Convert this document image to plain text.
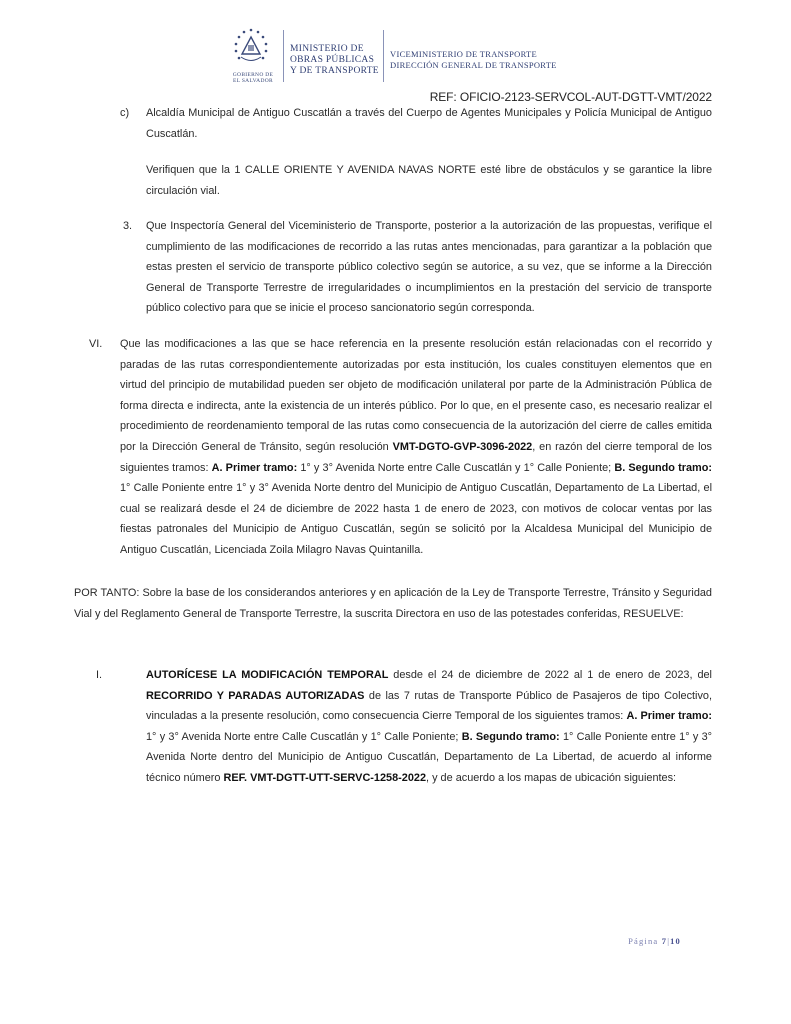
GOBIERNO DE
EL SALVADOR
MINISTERIO DE
OBRAS PÚBLICAS
Y DE TRANSPORTE
VICEMINISTERIO DE TRANSPORTE
DIRECCIÓN GENERAL DE TRANSPORTE
REF: OFICIO-2123-SERVCOL-AUT-DGTT-VMT/2022
c) Alcaldía Municipal de Antiguo Cuscatlán a través del Cuerpo de Agentes Municipales y Policía Municipal de Antiguo Cuscatlán.
Verifiquen que la 1 CALLE ORIENTE Y AVENIDA NAVAS NORTE esté libre de obstáculos y se garantice la libre circulación vial.
3. Que Inspectoría General del Viceministerio de Transporte, posterior a la autorización de las propuestas, verifique el cumplimiento de las modificaciones de recorrido a las rutas antes mencionadas, para garantizar a la población que estas presten el servicio de transporte público colectivo según se autorice, a su vez, que se informe a la Dirección General de Transporte Terrestre de irregularidades o incumplimientos en la prestación del servicio de transporte público colectivo para que se inicie el proceso sancionatorio según corresponda.
VI. Que las modificaciones a las que se hace referencia en la presente resolución están relacionadas con el recorrido y paradas de las rutas correspondientemente autorizadas por esta institución, los cuales constituyen elementos que en virtud del principio de mutabilidad pueden ser objeto de modificación unilateral por parte de la Administración Pública de forma directa e indirecta, ante la existencia de un interés público. Por lo que, en el presente caso, es necesario realizar el procedimiento de reordenamiento temporal de las rutas como consecuencia de la autorización del cierre de calles emitida por la Dirección General de Tránsito, según resolución VMT-DGTO-GVP-3096-2022, en razón del cierre temporal de los siguientes tramos: A. Primer tramo: 1° y 3° Avenida Norte entre Calle Cuscatlán y 1° Calle Poniente; B. Segundo tramo: 1° Calle Poniente entre 1° y 3° Avenida Norte dentro del Municipio de Antiguo Cuscatlán, Departamento de La Libertad, el cual se realizará desde el 24 de diciembre de 2022 hasta 1 de enero de 2023, con motivos de colocar ventas por las fiestas patronales del Municipio de Antiguo Cuscatlán, según se solicitó por la Alcaldesa Municipal del Municipio de Antiguo Cuscatlán, Licenciada Zoila Milagro Navas Quintanilla.
POR TANTO: Sobre la base de los considerandos anteriores y en aplicación de la Ley de Transporte Terrestre, Tránsito y Seguridad Vial y del Reglamento General de Transporte Terrestre, la suscrita Directora en uso de las potestades conferidas, RESUELVE:
I.	AUTORÍCESE LA MODIFICACIÓN TEMPORAL desde el 24 de diciembre de 2022 al 1 de enero de 2023, del RECORRIDO Y PARADAS AUTORIZADAS de las 7 rutas de Transporte Público de Pasajeros de tipo Colectivo, vinculadas a la presente resolución, como consecuencia Cierre Temporal de los siguientes tramos: A. Primer tramo: 1° y 3° Avenida Norte entre Calle Cuscatlán y 1° Calle Poniente; B. Segundo tramo: 1° Calle Poniente entre 1° y 3° Avenida Norte dentro del Municipio de Antiguo Cuscatlán, Departamento de La Libertad, de acuerdo al informe técnico número REF. VMT-DGTT-UTT-SERVC-1258-2022, y de acuerdo a los mapas de ubicación siguientes:
Página 7|10
